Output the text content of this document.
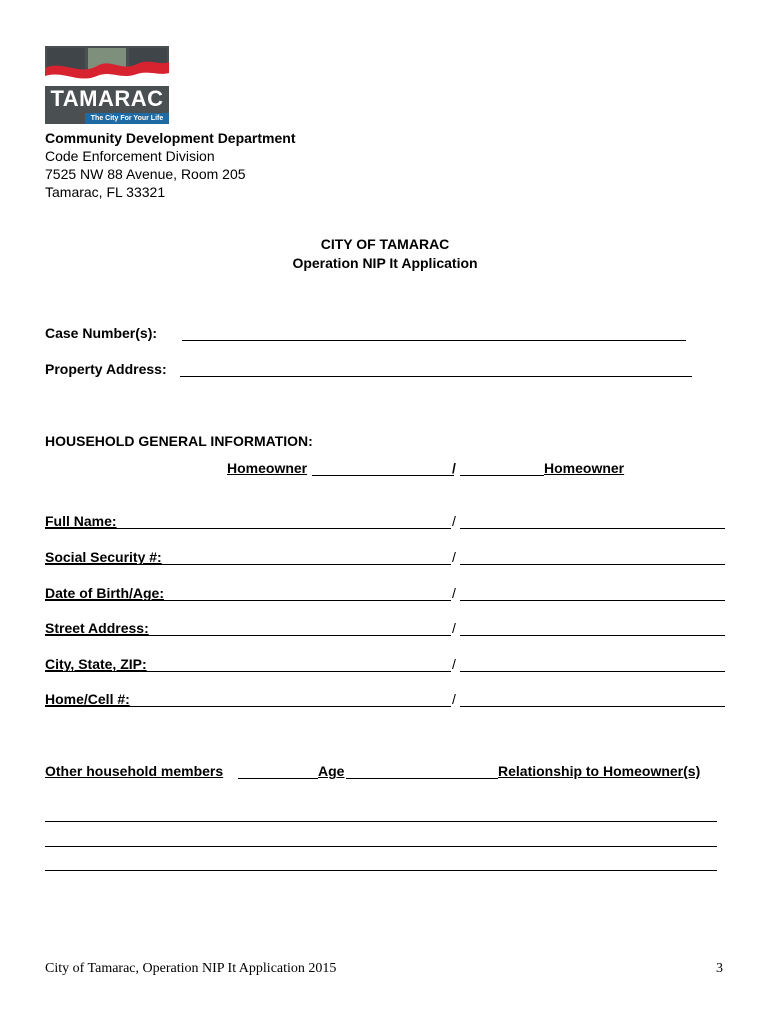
TAMARAC
The City For Your Life
Community Development Department
Code Enforcement Division
7525 NW 88 Avenue, Room 205
Tamarac, FL 33321
CITY OF TAMARAC
Operation NIP It Application
Case Number(s):
Property Address:
HOUSEHOLD GENERAL INFORMATION:
Homeowner	/	Homeowner
Full Name:	/
Social Security #:	/
Date of Birth/Age:	/
Street Address:	/
City, State, ZIP:	/
Home/Cell #:	/
Other household members	Age	Relationship to Homeowner(s)
City of Tamarac, Operation NIP It Application 2015	3
